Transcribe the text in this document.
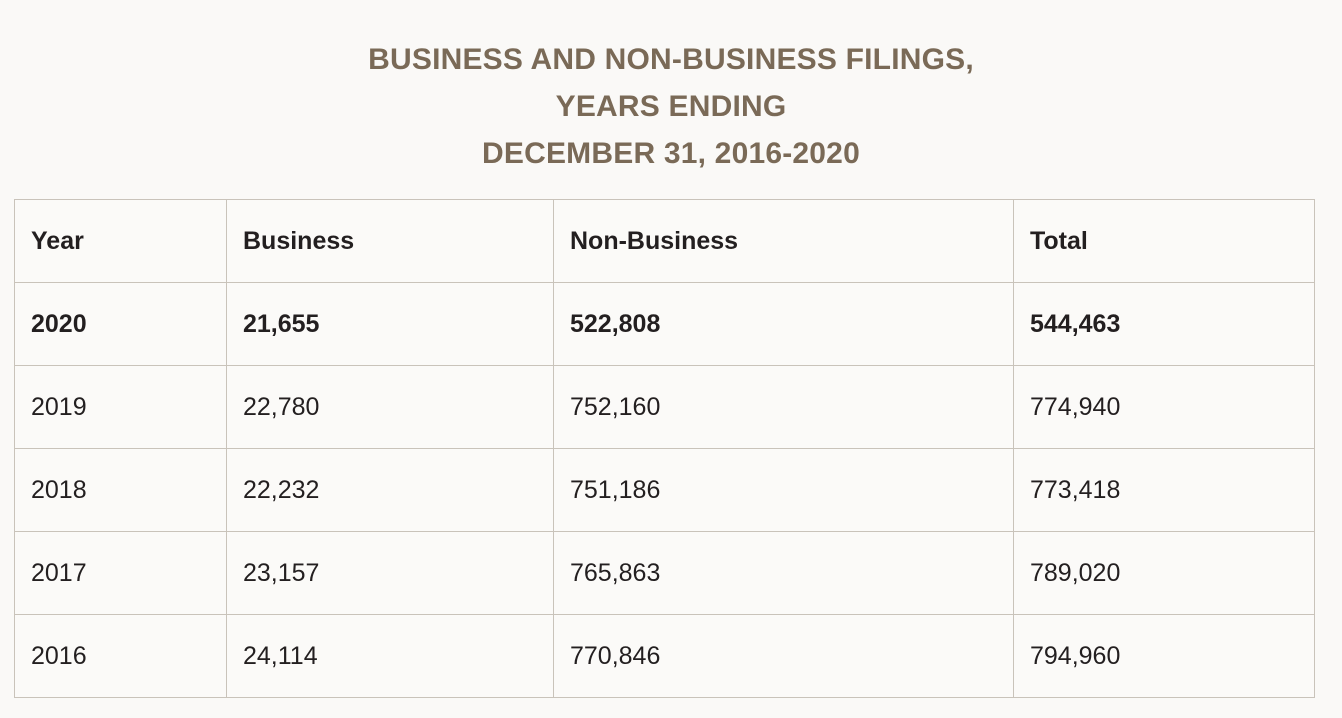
BUSINESS AND NON-BUSINESS FILINGS,
YEARS ENDING
DECEMBER 31, 2016-2020
Year	Business	Non-Business	Total
2020	21,655	522,808	544,463
2019	22,780	752,160	774,940
2018	22,232	751,186	773,418
2017	23,157	765,863	789,020
2016	24,114	770,846	794,960
